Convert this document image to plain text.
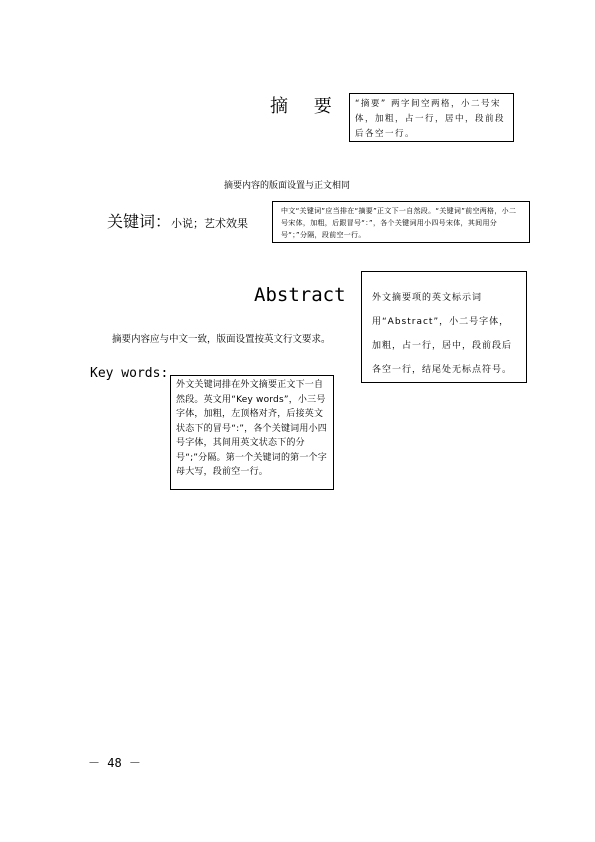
摘 要 “摘要” 两字间空两格，小二号宋体，加粗，占一行，居中，段前段后各空一行。
摘要内容的版面设置与正文相同
关键词：小说；艺术效果
中文“关键词”应当排在“摘要”正文下一自然段。“关键词”前空两格，小二号宋体，加粗，后跟冒号“：”，各个关键词用小四号宋体，其间用分号“；”分隔，段前空一行。
Abstract	外文摘要项的英文标示词用“Abstract”，小二号字体，加粗，占一行，居中，段前段后各空一行，结尾处无标点符号。
摘要内容应与中文一致，版面设置按英文行文要求。
Key words:
外文关键词排在外文摘要正文下一自然段。英文用“Key words”，小三号字体，加粗，左顶格对齐，后接英文状态下的冒号“:”，各个关键词用小四号字体，其间用英文状态下的分号“;”分隔。第一个关键词的第一个字母大写，段前空一行。
－ 48 －
